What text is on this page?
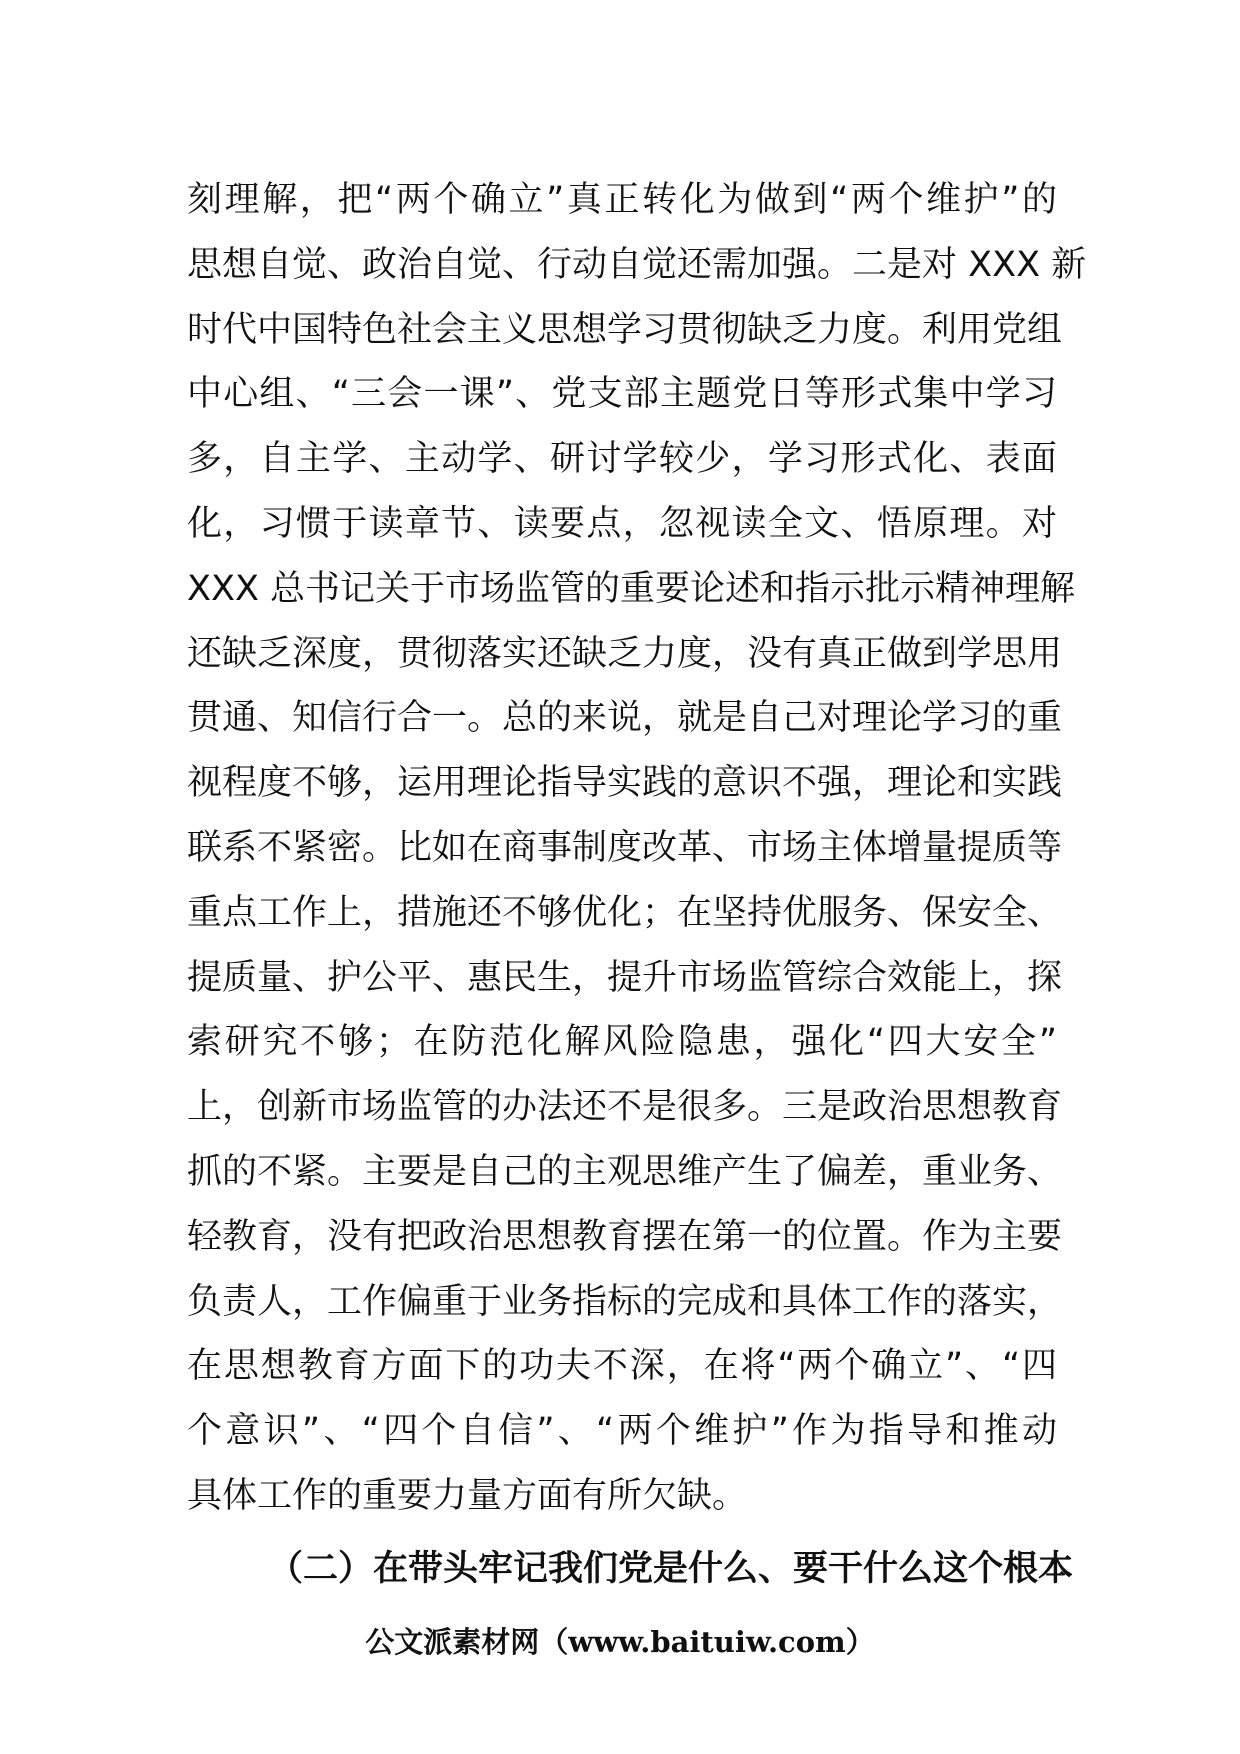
刻理解，把“两个确立”真正转化为做到“两个维护”的
思想自觉、政治自觉、行动自觉还需加强。二是对 XXX 新
时代中国特色社会主义思想学习贯彻缺乏力度。利用党组
中心组、“三会一课”、党支部主题党日等形式集中学习
多，自主学、主动学、研讨学较少，学习形式化、表面
化，习惯于读章节、读要点，忽视读全文、悟原理。对
XXX 总书记关于市场监管的重要论述和指示批示精神理解
还缺乏深度，贯彻落实还缺乏力度，没有真正做到学思用
贯通、知信行合一。总的来说，就是自己对理论学习的重
视程度不够，运用理论指导实践的意识不强，理论和实践
联系不紧密。比如在商事制度改革、市场主体增量提质等
重点工作上，措施还不够优化；在坚持优服务、保安全、
提质量、护公平、惠民生，提升市场监管综合效能上，探
索研究不够；在防范化解风险隐患，强化“四大安全”
上，创新市场监管的办法还不是很多。三是政治思想教育
抓的不紧。主要是自己的主观思维产生了偏差，重业务、
轻教育，没有把政治思想教育摆在第一的位置。作为主要
负责人，工作偏重于业务指标的完成和具体工作的落实，
在思想教育方面下的功夫不深，在将“两个确立”、“四
个意识”、“四个自信”、“两个维护”作为指导和推动
具体工作的重要力量方面有所欠缺。
（二）在带头牢记我们党是什么、要干什么这个根本
公文派素材网（www.baituiw.com）
